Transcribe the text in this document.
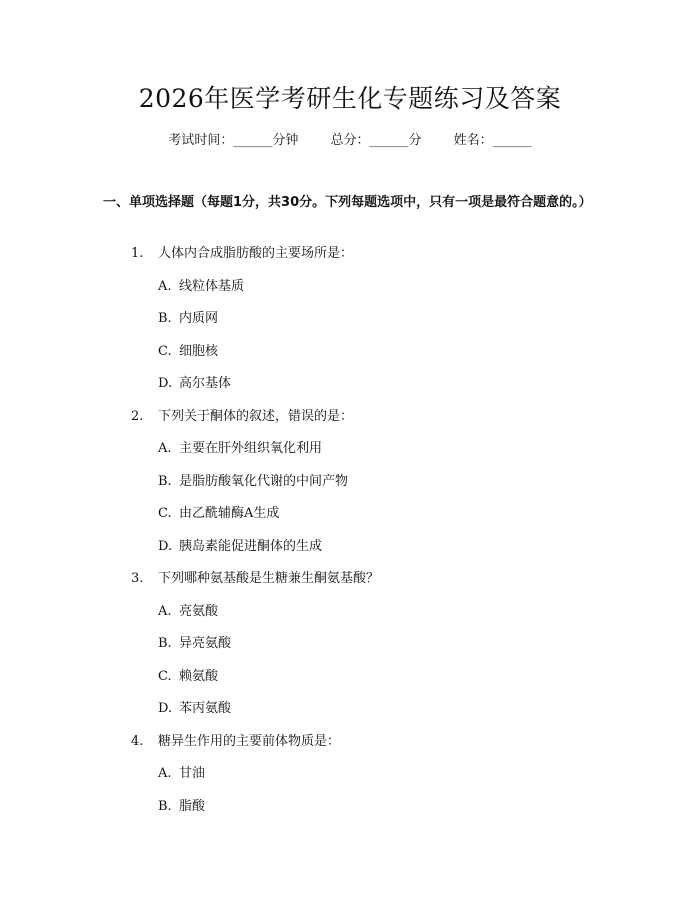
2026年医学考研生化专题练习及答案
考试时间：______分钟 总分：______分 姓名：______
一、单项选择题（每题1分，共30分。下列每题选项中，只有一项是最符合题意的。）
1. 人体内合成脂肪酸的主要场所是：
A. 线粒体基质
B. 内质网
C. 细胞核
D. 高尔基体
2. 下列关于酮体的叙述，错误的是：
A. 主要在肝外组织氧化利用
B. 是脂肪酸氧化代谢的中间产物
C. 由乙酰辅酶A生成
D. 胰岛素能促进酮体的生成
3. 下列哪种氨基酸是生糖兼生酮氨基酸？
A. 亮氨酸
B. 异亮氨酸
C. 赖氨酸
D. 苯丙氨酸
4. 糖异生作用的主要前体物质是：
A. 甘油
B. 脂酸
